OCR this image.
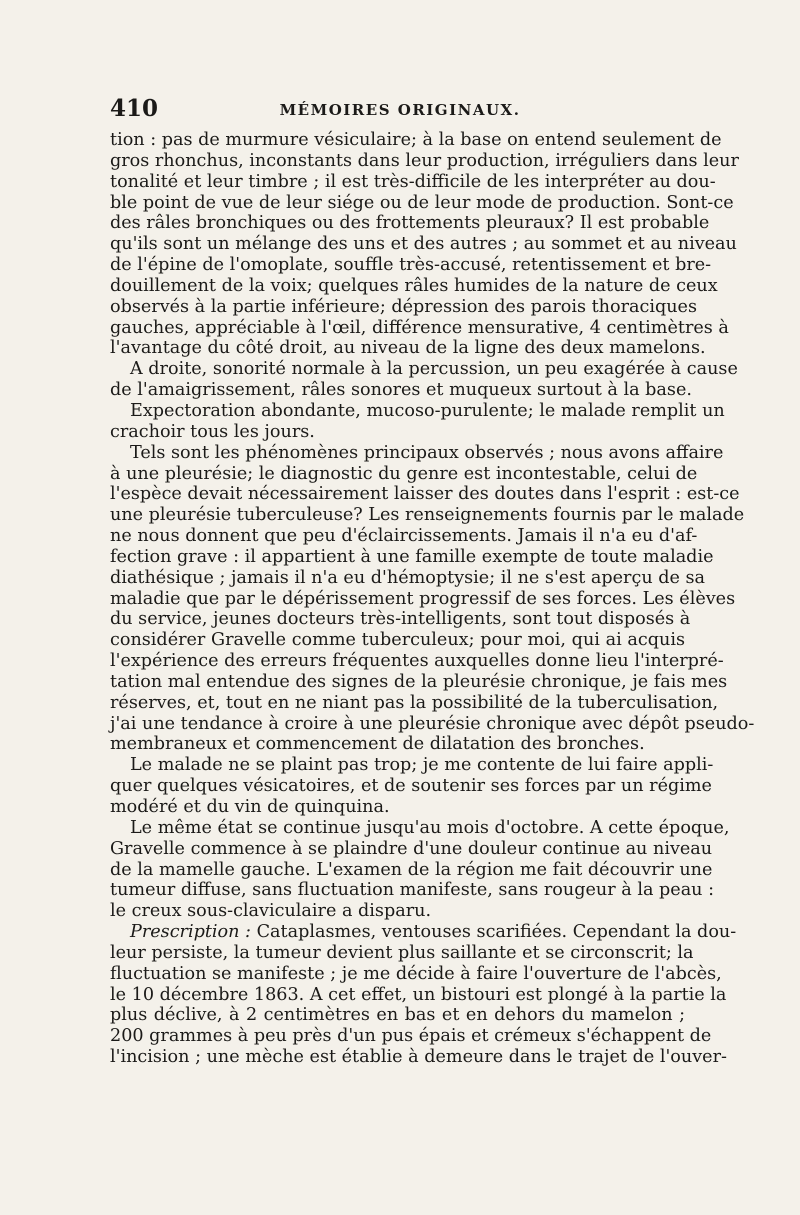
410	MÉMOIRES ORIGINAUX.
tion : pas de murmure vésiculaire; à la base on entend seulement de
gros rhonchus, inconstants dans leur production, irréguliers dans leur
tonalité et leur timbre ; il est très-difficile de les interpréter au dou-
ble point de vue de leur siége ou de leur mode de production. Sont-ce
des râles bronchiques ou des frottements pleuraux? Il est probable
qu'ils sont un mélange des uns et des autres ; au sommet et au niveau
de l'épine de l'omoplate, souffle très-accusé, retentissement et bre-
douillement de la voix; quelques râles humides de la nature de ceux
observés à la partie inférieure; dépression des parois thoraciques
gauches, appréciable à l'œil, différence mensurative, 4 centimètres à
l'avantage du côté droit, au niveau de la ligne des deux mamelons.
A droite, sonorité normale à la percussion, un peu exagérée à cause
de l'amaigrissement, râles sonores et muqueux surtout à la base.
Expectoration abondante, mucoso-purulente; le malade remplit un
crachoir tous les jours.
Tels sont les phénomènes principaux observés ; nous avons affaire
à une pleurésie; le diagnostic du genre est incontestable, celui de
l'espèce devait nécessairement laisser des doutes dans l'esprit : est-ce
une pleurésie tuberculeuse? Les renseignements fournis par le malade
ne nous donnent que peu d'éclaircissements. Jamais il n'a eu d'af-
fection grave : il appartient à une famille exempte de toute maladie
diathésique ; jamais il n'a eu d'hémoptysie; il ne s'est aperçu de sa
maladie que par le dépérissement progressif de ses forces. Les élèves
du service, jeunes docteurs très-intelligents, sont tout disposés à
considérer Gravelle comme tuberculeux; pour moi, qui ai acquis
l'expérience des erreurs fréquentes auxquelles donne lieu l'interpré-
tation mal entendue des signes de la pleurésie chronique, je fais mes
réserves, et, tout en ne niant pas la possibilité de la tuberculisation,
j'ai une tendance à croire à une pleurésie chronique avec dépôt pseudo-
membraneux et commencement de dilatation des bronches.
Le malade ne se plaint pas trop; je me contente de lui faire appli-
quer quelques vésicatoires, et de soutenir ses forces par un régime
modéré et du vin de quinquina.
Le même état se continue jusqu'au mois d'octobre. A cette époque,
Gravelle commence à se plaindre d'une douleur continue au niveau
de la mamelle gauche. L'examen de la région me fait découvrir une
tumeur diffuse, sans fluctuation manifeste, sans rougeur à la peau :
le creux sous-claviculaire a disparu.
Prescription : Cataplasmes, ventouses scarifiées. Cependant la dou-
leur persiste, la tumeur devient plus saillante et se circonscrit; la
fluctuation se manifeste ; je me décide à faire l'ouverture de l'abcès,
le 10 décembre 1863. A cet effet, un bistouri est plongé à la partie la
plus déclive, à 2 centimètres en bas et en dehors du mamelon ;
200 grammes à peu près d'un pus épais et crémeux s'échappent de
l'incision ; une mèche est établie à demeure dans le trajet de l'ouver-
